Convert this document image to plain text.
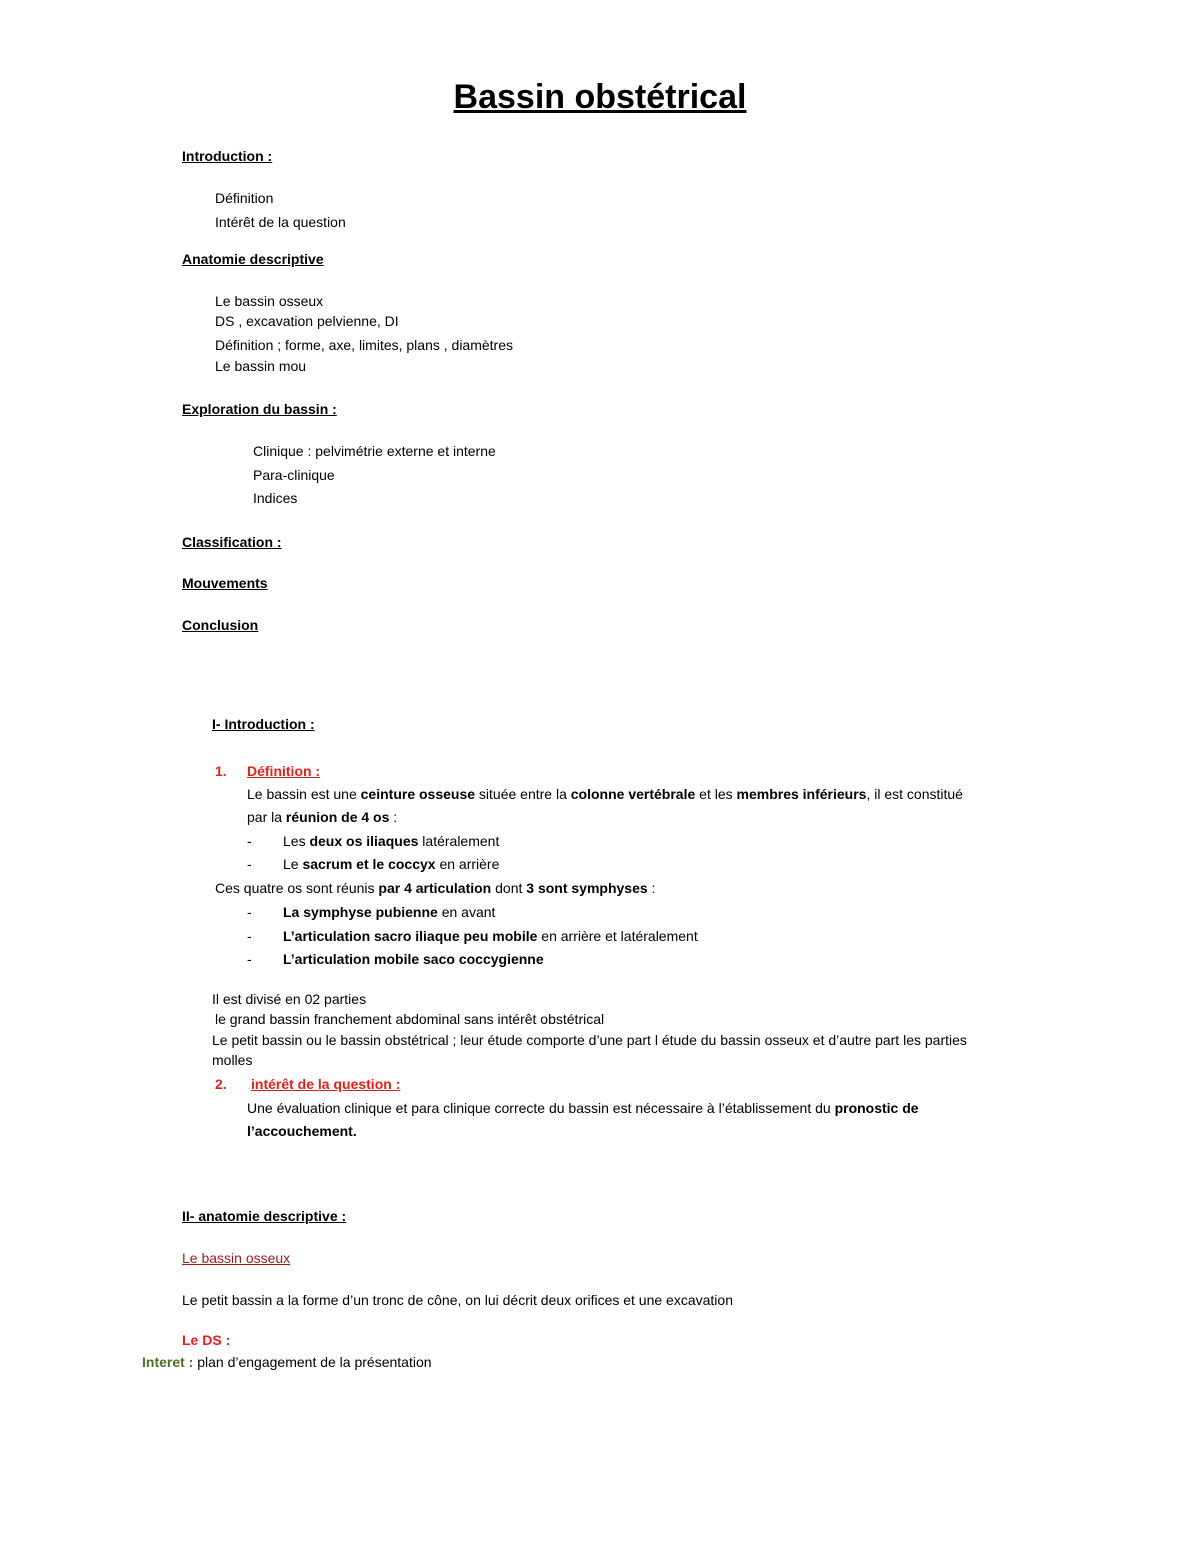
Bassin obstétrical
Introduction :
Définition
Intérêt de la question
Anatomie descriptive
Le bassin osseux
DS , excavation pelvienne, DI
Définition ; forme, axe, limites, plans , diamètres
Le bassin mou
Exploration du bassin :
Clinique : pelvimétrie externe et interne
Para-clinique
Indices
Classification :
Mouvements
Conclusion
I- Introduction :
1. Définition :
Le bassin est une ceinture osseuse située entre la colonne vertébrale et les membres inférieurs, il est constitué
par la réunion de 4 os :
- Les deux os iliaques latéralement
- Le sacrum et le coccyx en arrière
Ces quatre os sont réunis par 4 articulation dont 3 sont symphyses :
- La symphyse pubienne en avant
- L’articulation sacro iliaque peu mobile en arrière et latéralement
- L’articulation mobile saco coccygienne
Il est divisé en 02 parties
le grand bassin franchement abdominal sans intérêt obstétrical
Le petit bassin ou le bassin obstétrical ; leur étude comporte d’une part l étude du bassin osseux et d’autre part les parties
molles
2. intérêt de la question :
Une évaluation clinique et para clinique correcte du bassin est nécessaire à l’établissement du pronostic de
l’accouchement.
II- anatomie descriptive :
Le bassin osseux
Le petit bassin a la forme d’un tronc de cône, on lui décrit deux orifices et une excavation
Le DS :
Interet : plan d’engagement de la présentation
